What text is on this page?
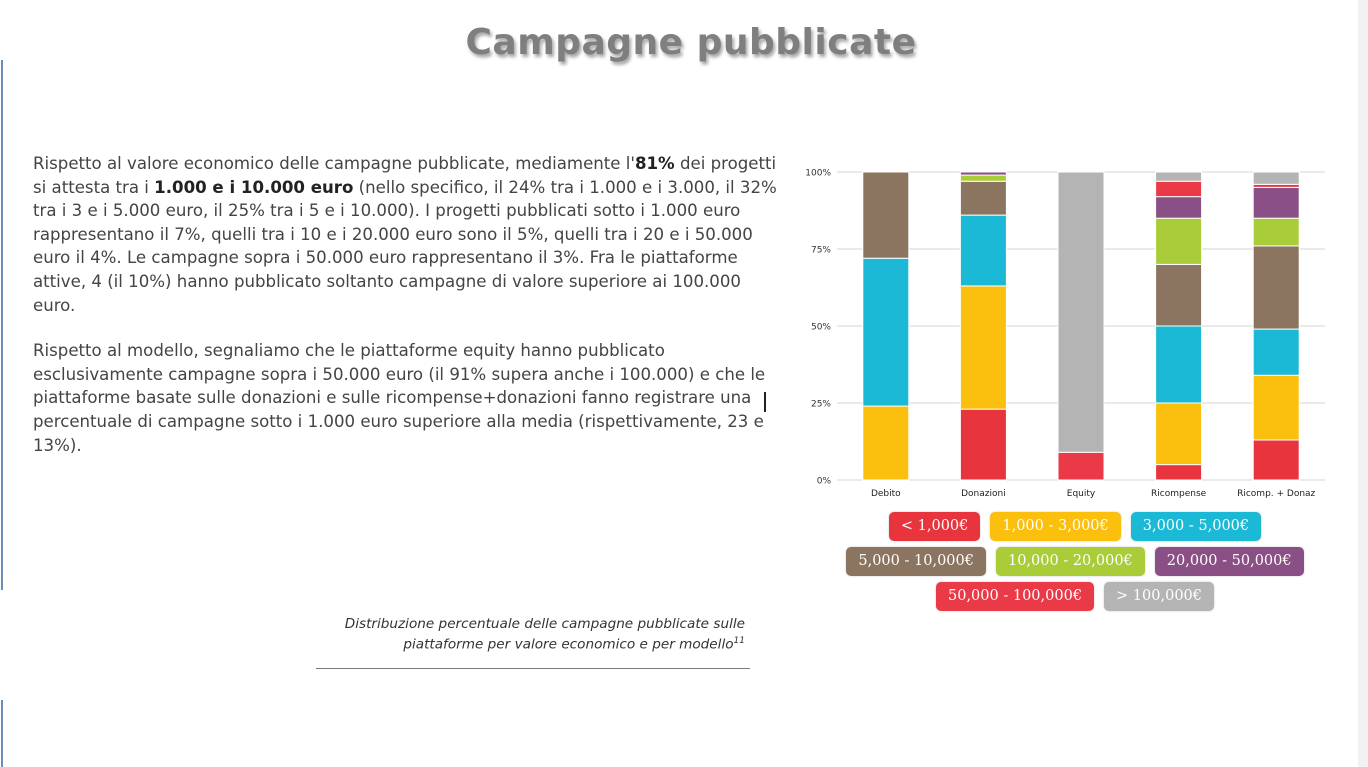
Campagne pubblicate

Rispetto al valore economico delle campagne pubblicate, mediamente l'81% dei progetti si attesta tra i 1.000 e i 10.000 euro (nello specifico, il 24% tra i 1.000 e i 3.000, il 32% tra i 3 e i 5.000 euro, il 25% tra i 5 e i 10.000). I progetti pubblicati sotto i 1.000 euro rappresentano il 7%, quelli tra i 10 e i 20.000 euro sono il 5%, quelli tra i 20 e i 50.000 euro il 4%. Le campagne sopra i 50.000 euro rappresentano il 3%. Fra le piattaforme attive, 4 (il 10%) hanno pubblicato soltanto campagne di valore superiore ai 100.000 euro.

Rispetto al modello, segnaliamo che le piattaforme equity hanno pubblicato esclusivamente campagne sopra i 50.000 euro (il 91% supera anche i 100.000) e che le piattaforme basate sulle donazioni e sulle ricompense+donazioni fanno registrare una percentuale di campagne sotto i 1.000 euro superiore alla media (rispettivamente, 23 e 13%).

0%
25%
50%
75%
100%
Debito	Donazioni	Equity	Ricompense	Ricomp. + Donaz
< 1,000€	1,000 - 3,000€	3,000 - 5,000€
5,000 - 10,000€	10,000 - 20,000€	20,000 - 50,000€
50,000 - 100,000€	> 100,000€
Distribuzione percentuale delle campagne pubblicate sulle piattaforme per valore economico e per modello$^{11}$
